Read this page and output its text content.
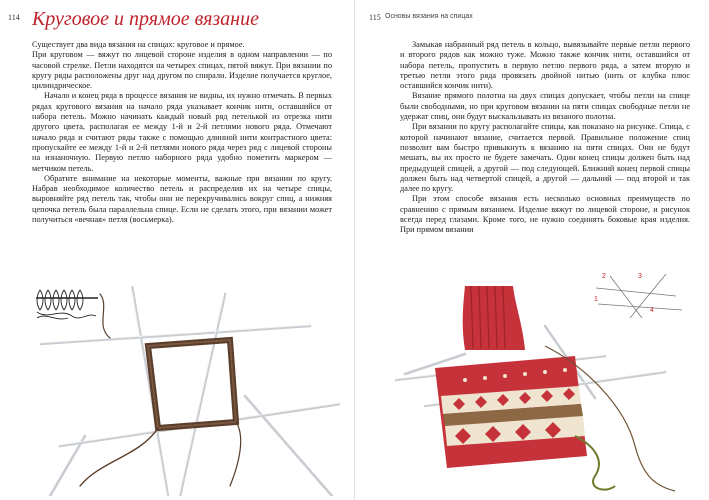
114 Круговое и прямое вязание

Существует два вида вязания на спицах: круговое и прямое.

При круговом — вяжут по лицевой стороне изделия в одном направлении — по часовой стрелке. Петли находятся на четырех спицах, пятой вяжут. При вязании по кругу ряды расположены друг над другом по спирали. Изделие получается круглое, цилиндрическое.

Начало и конец ряда в процессе вязания не видны, их нужно отмечать. В первых рядах кругового вязания на начало ряда указывает кончик нити, оставшийся от набора петель. Можно начинать каждый новый ряд петелькой из отрезка нити другого цвета, располагая ее между 1-й и 2-й петлями нового ряда. Отмечают начало ряда и считают ряды также с помощью длинной нити контрастного цвета: пропускайте ее между 1-й и 2-й петлями нового ряда через ряд с лицевой стороны на изнаночную. Первую петлю наборного ряда удобно пометить маркером — метчиком петель.

Обратите внимание на некоторые моменты, важные при вязании по кругу. Набрав необходимое количество петель и распределив их на четыре спицы, выровняйте ряд петель так, чтобы они не перекручивались вокруг спиц, а нижняя цепочка петель была параллельна спице. Если не сделать этого, при вязании может получиться «вечная» петля (восьмерка).

115 Основы вязания на спицах

Замыкая набранный ряд петель в кольцо, вывязывайте первые петли первого и второго рядов как можно туже. Можно также кончик нити, оставшийся от набора петель, пропустить в первую петлю первого ряда, а затем вторую и третью петли этого ряда провязать двойной нитью (нить от клубка плюс оставшийся кончик нити).

Вязание прямого полотна на двух спицах допускает, чтобы петли на спице были свободными, но при круговом вязании на пяти спицах свободные петли не удержат спиц, они будут выскальзывать из вязаного полотна.

При вязании по кругу располагайте спицы, как показано на рисунке. Спица, с которой начинают вязание, считается первой. Правильное положение спиц позволит вам быстро привыкнуть к вязанию на пяти спицах. Они не будут мешать, вы их просто не будете замечать. Один конец спицы должен быть над предыдущей спицей, а другой — под следующей. Ближний конец первой спицы должен быть над четвертой спицей, а другой — дальний — под второй и так далее по кругу.

При этом способе вязания есть несколько основных преимуществ по сравнению с прямым вязанием. Изделие вяжут по лицевой стороне, и рисунок всегда перед глазами. Кроме того, не нужно соединять боковые края изделия. При прямом вязании

2	3
1
4
